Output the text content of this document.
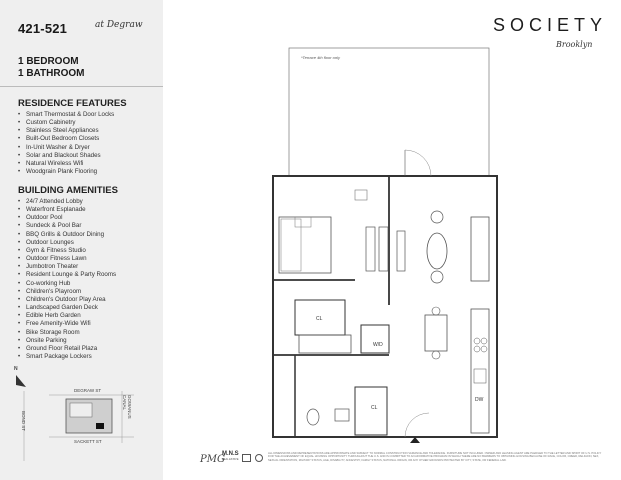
421-521	at Degraw
1 BEDROOM
1 BATHROOM
RESIDENCE FEATURES
• Smart Thermostat & Door Locks
• Custom Cabinetry
• Stainless Steel Appliances
• Built-Out Bedroom Closets
• In-Unit Washer & Dryer
• Solar and Blackout Shades
• Natural Wireless Wifi
• Woodgrain Plank Flooring
BUILDING AMENITIES
• 24/7 Attended Lobby
• Waterfront Esplanade
• Outdoor Pool
• Sundeck & Pool Bar
• BBQ Grills & Outdoor Dining
• Outdoor Lounges
• Gym & Fitness Studio
• Outdoor Fitness Lawn
• Jumbotron Theater
• Resident Lounge & Party Rooms
• Co-working Hub
• Children's Playroom
• Children's Outdoor Play Area
• Landscaped Garden Deck
• Edible Herb Garden
• Free Amenity-Wide Wifi
• Bike Storage Room
• Onsite Parking
• Ground Floor Retail Plaza
• Smart Package Lockers
N
DEGRAW ST
SACKETT ST
BOND ST
GOWANUS CANAL
SOCIETY
Brooklyn
*Terrace 4th floor only
CL
W/D
CL
DW
PMG
M.N.S
REAL ESTATE
ALL DIMENSIONS AND REPRESENTATIONS ARE APPROXIMATE AND SUBJECT TO NORMAL CONSTRUCTION VARIANCE AND TOLERANCE. FURNITURE NOT INCLUDED. OWNER AND LEASING AGENT ARE PLEDGED TO THE LETTER AND SPIRIT OF U.S. POLICY FOR THE ACHIEVEMENT OF EQUAL HOUSING OPPORTUNITY THROUGHOUT THE U.S. AND IS COMMITTED TO AN AFFIRMATIVE PROGRAM IN WHICH THERE ARE NO BARRIERS TO OBTAINING HOUSING BECAUSE OF RACE, COLOR, CREED, RELIGION, SEX, SEXUAL ORIENTATION, MILITARY STATUS, AGE, DISABILITY, ANCESTRY, FAMILY STATUS, NATIONAL ORIGIN, OR ANY OTHER GROUNDS PROTECTED BY CITY, STATE, OR FEDERAL LAW.
